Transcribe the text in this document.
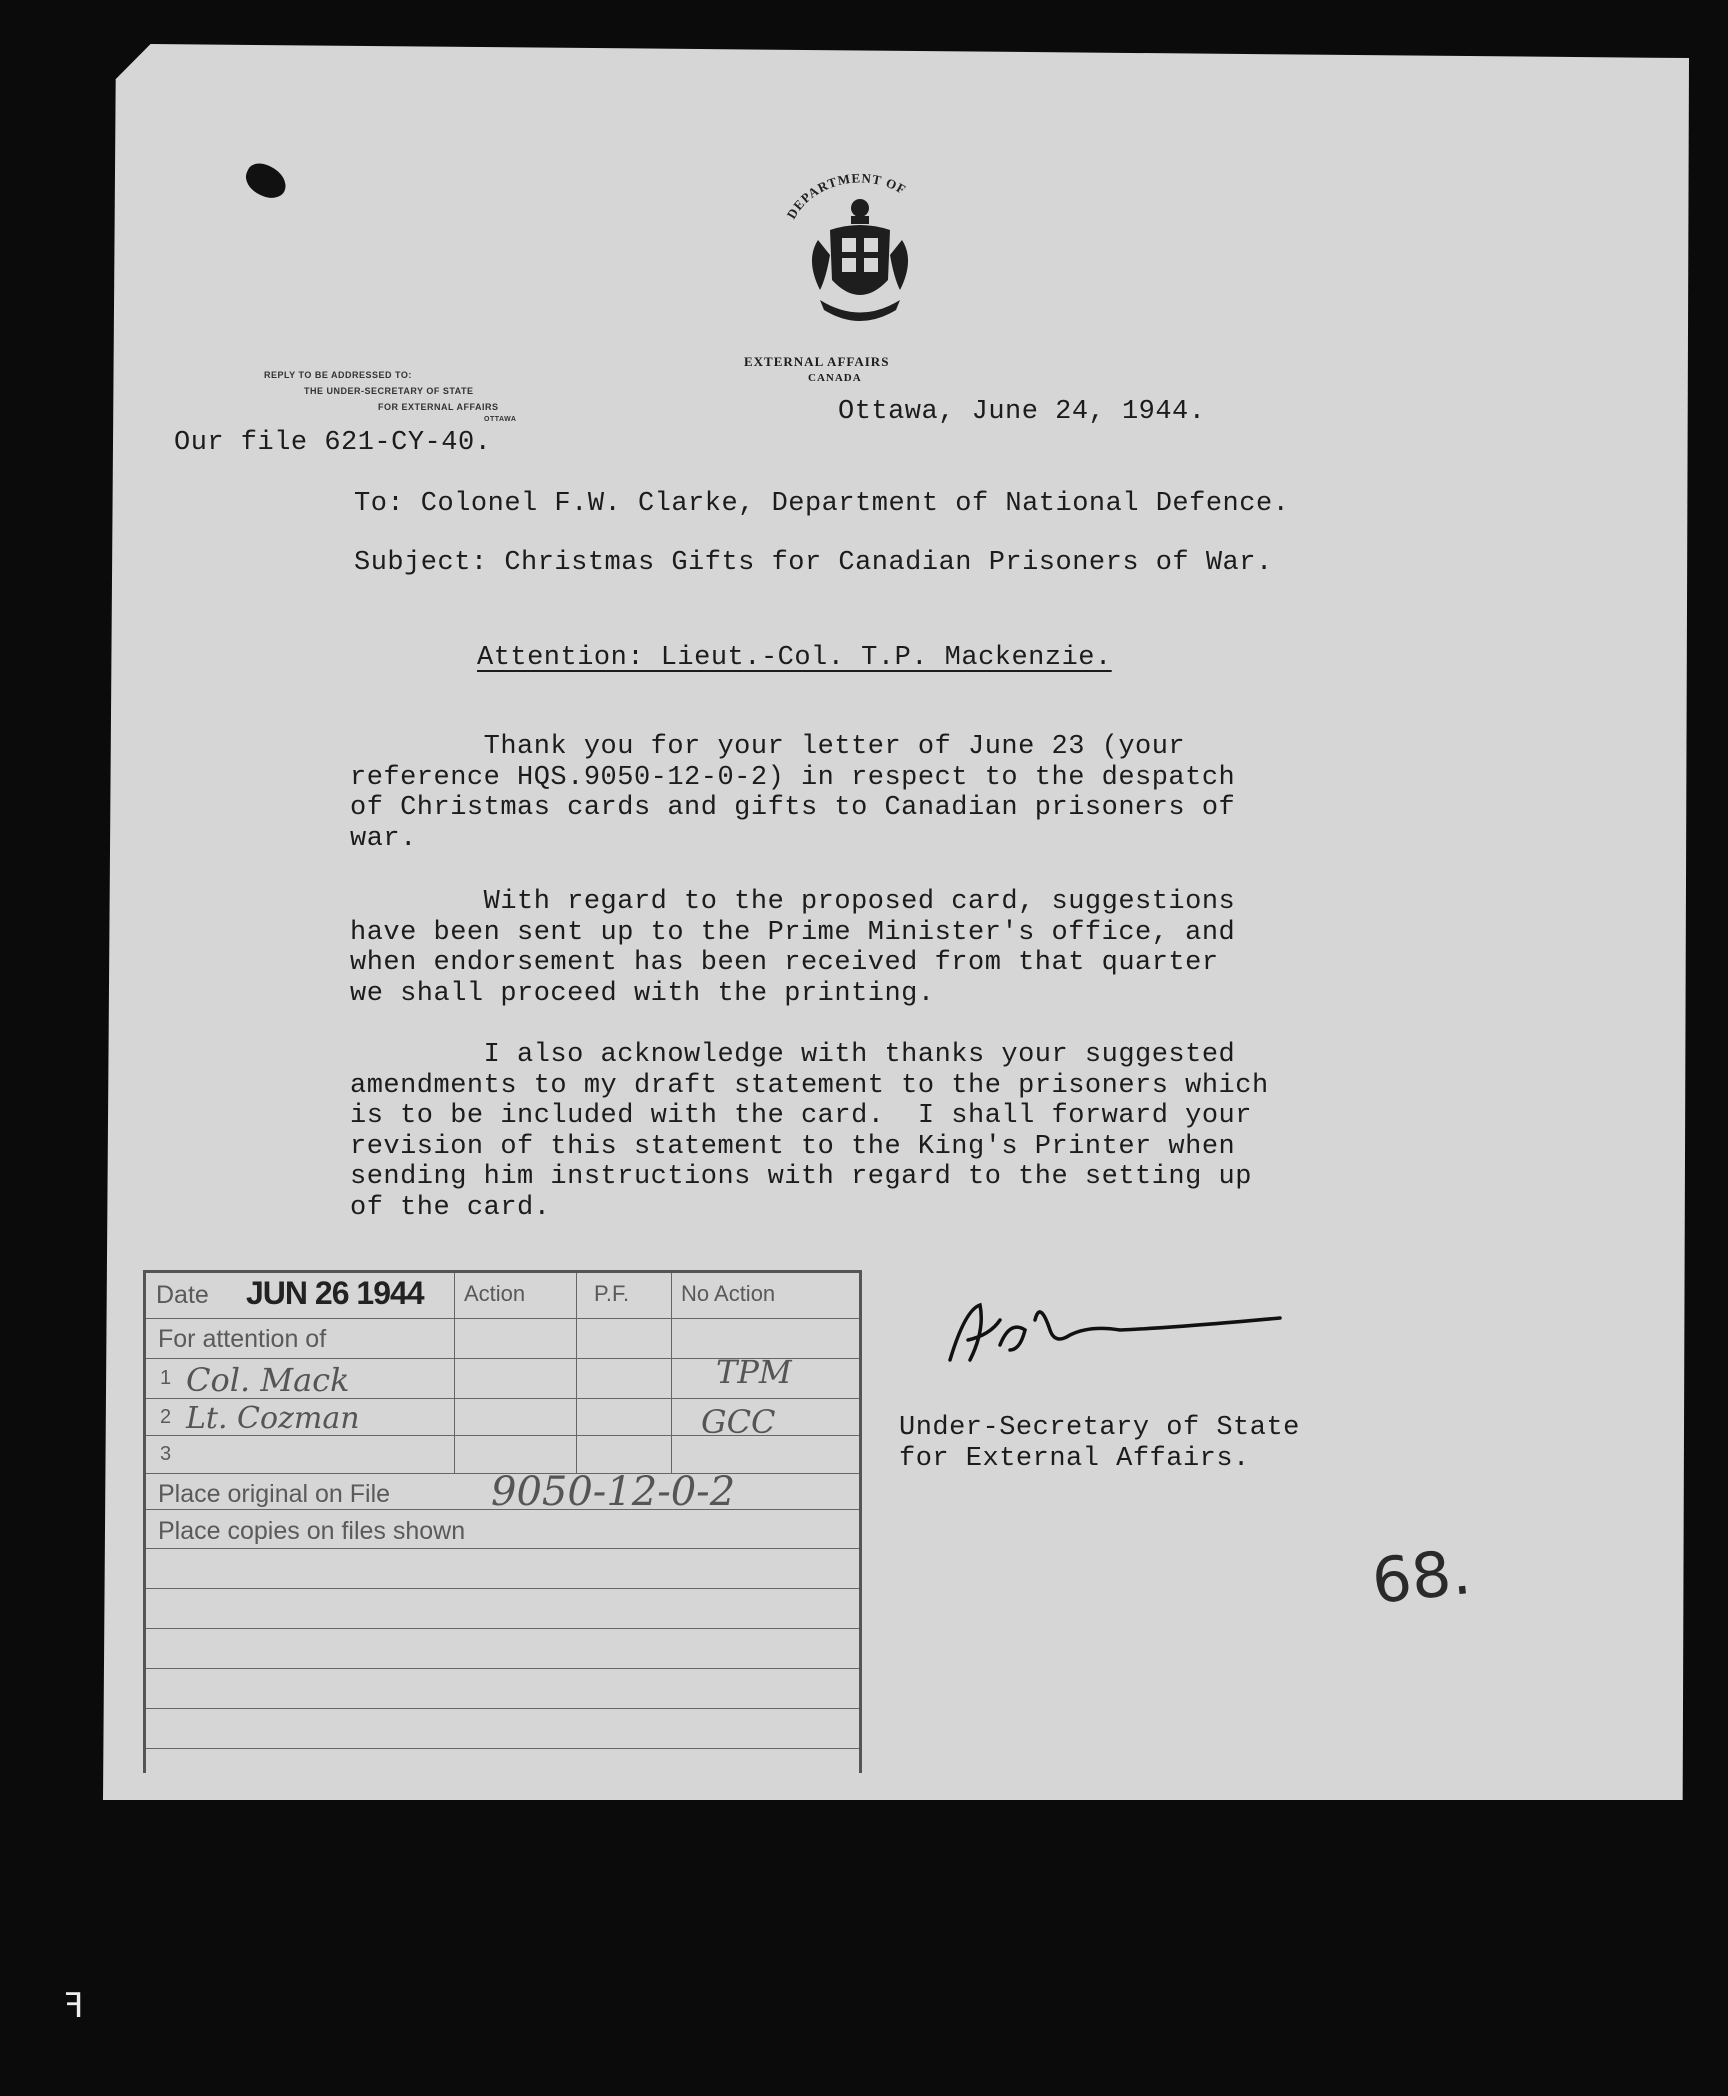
DEPARTMENT OF
EXTERNAL AFFAIRS
CANADA
REPLY TO BE ADDRESSED TO:
THE UNDER-SECRETARY OF STATE
FOR EXTERNAL AFFAIRS
OTTAWA
Our file 621-CY-40.
Ottawa, June 24, 1944.
To: Colonel F.W. Clarke, Department of National Defence.
Subject: Christmas Gifts for Canadian Prisoners of War.
Attention: Lieut.-Col. T.P. Mackenzie.
Thank you for your letter of June 23 (your
reference HQS.9050-12-0-2) in respect to the despatch
of Christmas cards and gifts to Canadian prisoners of
war.
With regard to the proposed card, suggestions
have been sent up to the Prime Minister's office, and
when endorsement has been received from that quarter
we shall proceed with the printing.
I also acknowledge with thanks your suggested
amendments to my draft statement to the prisoners which
is to be included with the card.  I shall forward your
revision of this statement to the King's Printer when
sending him instructions with regard to the setting up
of the card.
Under-Secretary of State
for External Affairs.
Date JUN 26 1944 Action	P.F. No Action
For attention of
1
2
3
Place original on File
Place copies on files shown
Col. Mack
Lt. Cozman
9050-12-0-2
TPM
GCC
68.
ꟻ
